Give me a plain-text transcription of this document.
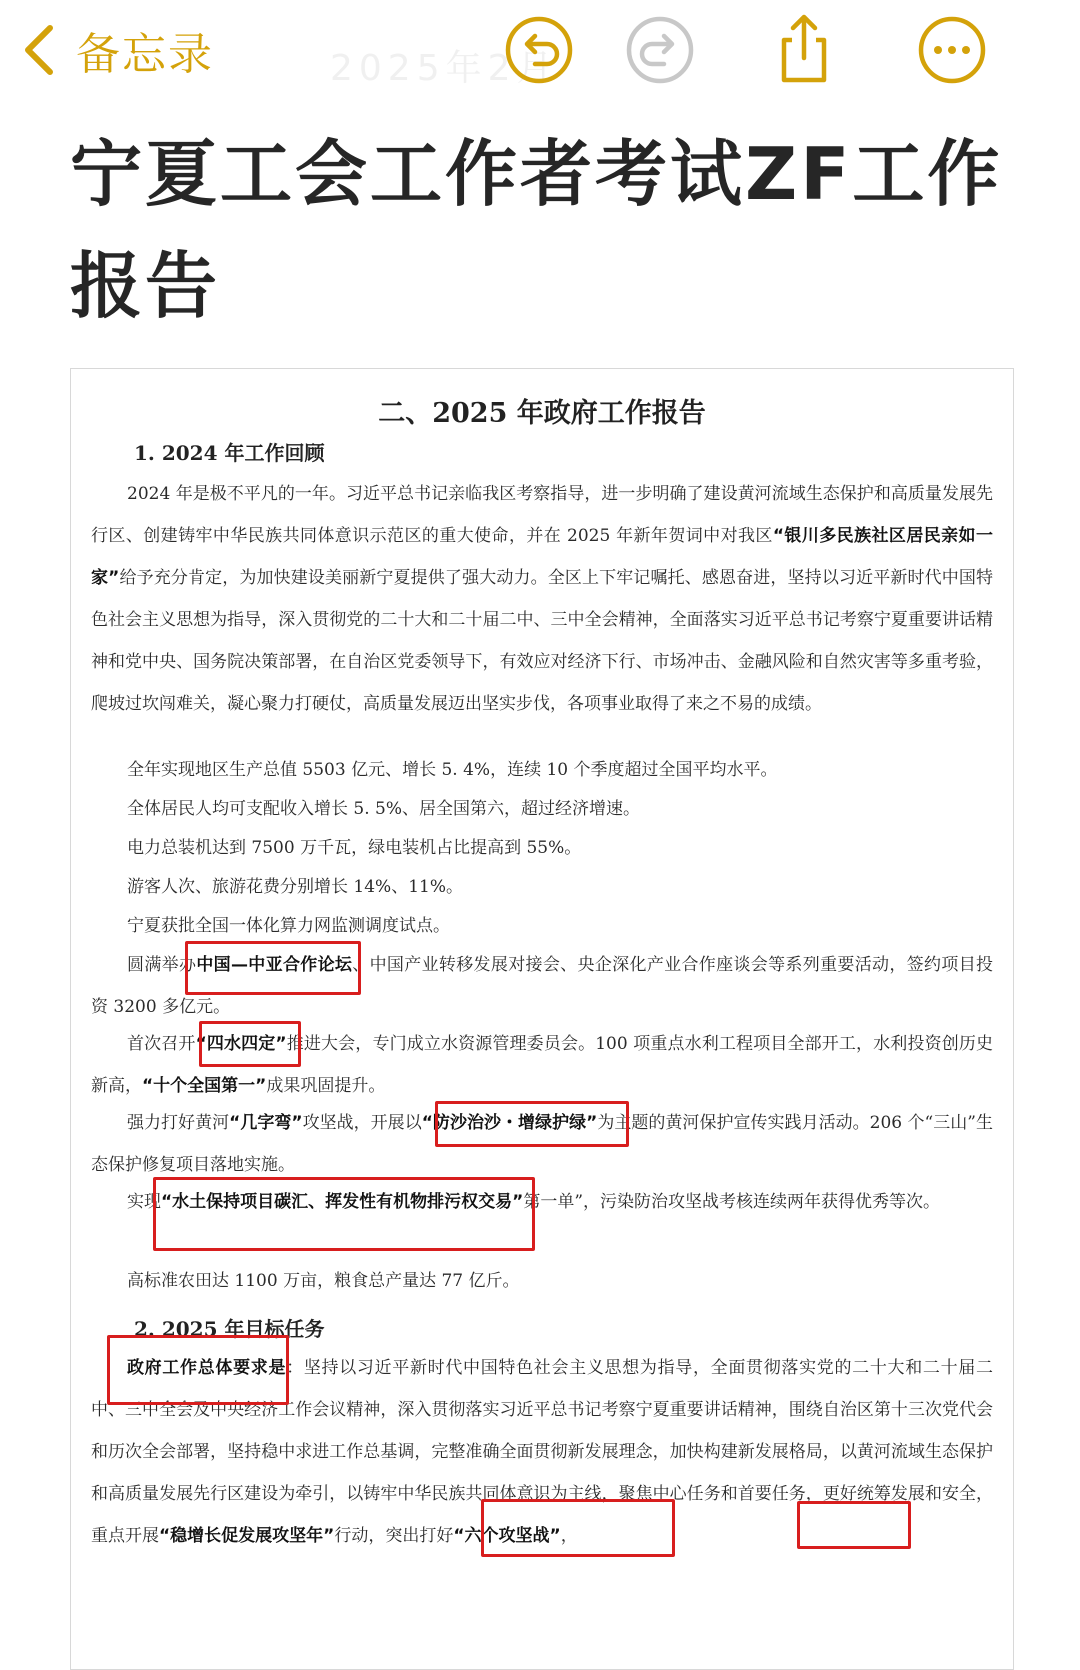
备忘录	2025年2月
宁夏工会工作者考试ZF工作报告
二、2025 年政府工作报告
1. 2024 年工作回顾

2024 年是极不平凡的一年。习近平总书记亲临我区考察指导，进一步明确了建设黄河流域生态保护和高质量发展先行区、创建铸牢中华民族共同体意识示范区的重大使命，并在 2025 年新年贺词中对我区“银川多民族社区居民亲如一家”给予充分肯定，为加快建设美丽新宁夏提供了强大动力。全区上下牢记嘱托、感恩奋进，坚持以习近平新时代中国特色社会主义思想为指导，深入贯彻党的二十大和二十届二中、三中全会精神，全面落实习近平总书记考察宁夏重要讲话精神和党中央、国务院决策部署，在自治区党委领导下，有效应对经济下行、市场冲击、金融风险和自然灾害等多重考验，爬坡过坎闯难关，凝心聚力打硬仗，高质量发展迈出坚实步伐，各项事业取得了来之不易的成绩。

全年实现地区生产总值 5503 亿元、增长 5. 4%，连续 10 个季度超过全国平均水平。

全体居民人均可支配收入增长 5. 5%、居全国第六，超过经济增速。

电力总装机达到 7500 万千瓦，绿电装机占比提高到 55%。

游客人次、旅游花费分别增长 14%、11%。

宁夏获批全国一体化算力网监测调度试点。

圆满举办中国—中亚合作论坛、中国产业转移发展对接会、央企深化产业合作座谈会等系列重要活动，签约项目投资 3200 多亿元。

首次召开“四水四定”推进大会，专门成立水资源管理委员会。100 项重点水利工程项目全部开工，水利投资创历史新高，“十个全国第一”成果巩固提升。

强力打好黄河“几字弯”攻坚战，开展以“防沙治沙・增绿护绿”为主题的黄河保护宣传实践月活动。206 个“三山”生态保护修复项目落地实施。

实现“水土保持项目碳汇、挥发性有机物排污权交易”第一单”，污染防治攻坚战考核连续两年获得优秀等次。

高标准农田达 1100 万亩，粮食总产量达 77 亿斤。

2. 2025 年目标任务

政府工作总体要求是：坚持以习近平新时代中国特色社会主义思想为指导，全面贯彻落实党的二十大和二十届二中、三中全会及中央经济工作会议精神，深入贯彻落实习近平总书记考察宁夏重要讲话精神，围绕自治区第十三次党代会和历次全会部署，坚持稳中求进工作总基调，完整准确全面贯彻新发展理念，加快构建新发展格局，以黄河流域生态保护和高质量发展先行区建设为牵引，以铸牢中华民族共同体意识为主线，聚焦中心任务和首要任务，更好统筹发展和安全，重点开展“稳增长促发展攻坚年”行动，突出打好“六个攻坚战”，
